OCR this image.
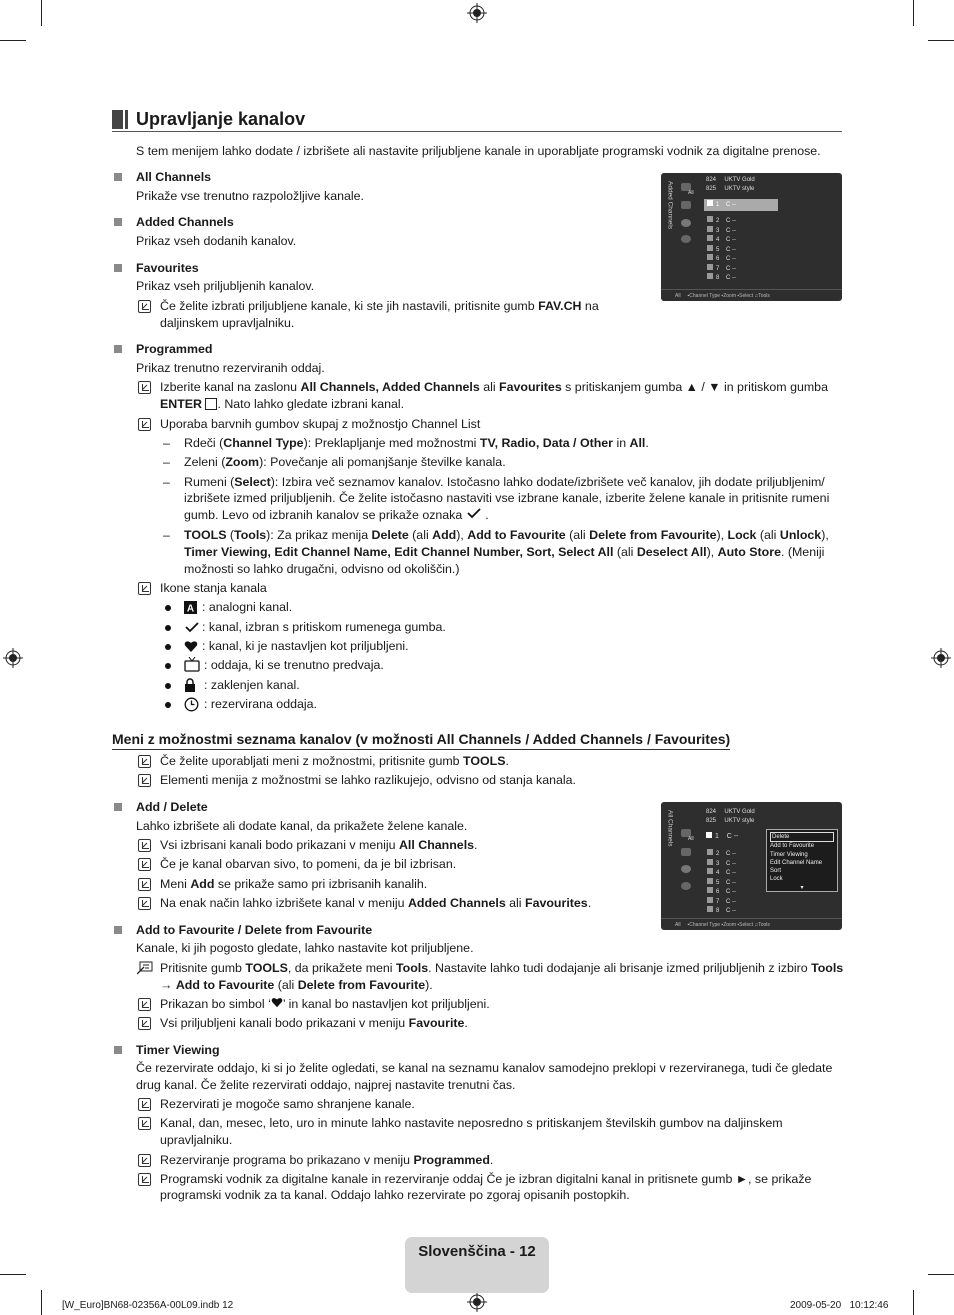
Upravljanje kanalov
S tem menijem lahko dodate / izbrišete ali nastavite priljubljene kanale in uporabljate programski vodnik za digitalne prenose.
All Channels
Prikaže vse trenutno razpoložljive kanale.
Added Channels
Prikaz vseh dodanih kanalov.
Favourites
Prikaz vseh priljubljenih kanalov.
Če želite izbrati priljubljene kanale, ki ste jih nastavili, pritisnite gumb FAV.CH na
daljinskem upravljalniku.
Added Channels	All
824 UKTV Gold
825 UKTV style
1 C --
2 C --
3 C --
4 C --
5 C --
6 C --
7 C --
8 C --
All     ▪Channel Type ▪Zoom ▪Select ♫Tools
Programmed
Prikaz trenutno rezerviranih oddaj.
Izberite kanal na zaslonu All Channels, Added Channels ali Favourites s pritiskanjem gumba ▲ / ▼ in pritiskom gumba
ENTER . Nato lahko gledate izbrani kanal.
Uporaba barvnih gumbov skupaj z možnostjo Channel List
– Rdeči (Channel Type): Preklapljanje med možnostmi TV, Radio, Data / Other in All.
– Zeleni (Zoom): Povečanje ali pomanjšanje številke kanala.
– Rumeni (Select): Izbira več seznamov kanalov. Istočasno lahko dodate/izbrišete več kanalov, jih dodate priljubljenim/
izbrišete izmed priljubljenih. Če želite istočasno nastaviti vse izbrane kanale, izberite želene kanale in pritisnite rumeni
gumb. Levo od izbranih kanalov se prikaže oznaka .
– TOOLS (Tools): Za prikaz menija Delete (ali Add), Add to Favourite (ali Delete from Favourite), Lock (ali Unlock),
Timer Viewing, Edit Channel Name, Edit Channel Number, Sort, Select All (ali Deselect All), Auto Store. (Meniji
možnosti so lahko drugačni, odvisno od okoliščin.)
Ikone stanja kanala
A : analogni kanal.
: kanal, izbran s pritiskom rumenega gumba.
: kanal, ki je nastavljen kot priljubljeni.
: oddaja, ki se trenutno predvaja.
: zaklenjen kanal.
: rezervirana oddaja.
Meni z možnostmi seznama kanalov (v možnosti All Channels / Added Channels / Favourites)
Če želite uporabljati meni z možnostmi, pritisnite gumb TOOLS.
Elementi menija z možnostmi se lahko razlikujejo, odvisno od stanja kanala.
Add / Delete
Lahko izbrišete ali dodate kanal, da prikažete želene kanale.
Vsi izbrisani kanali bodo prikazani v meniju All Channels.
Če je kanal obarvan sivo, to pomeni, da je bil izbrisan.
Meni Add se prikaže samo pri izbrisanih kanalih.
Na enak način lahko izbrišete kanal v meniju Added Channels ali Favourites.
All Channels	All
824 UKTV Gold
825 UKTV style
1 C --
2 C --
3 C --
4 C --
5 C --
6 C --
7 C --
8 C --
Delete
Add to Favourite
Timer Viewing
Edit Channel Name
Sort
Lock
▾
All     ▪Channel Type ▪Zoom ▪Select ♫Tools
Add to Favourite / Delete from Favourite
Kanale, ki jih pogosto gledate, lahko nastavite kot priljubljene.
Pritisnite gumb TOOLS, da prikažete meni Tools. Nastavite lahko tudi dodajanje ali brisanje izmed priljubljenih z izbiro Tools
→ Add to Favourite (ali Delete from Favourite).
Prikazan bo simbol ‘ ’ in kanal bo nastavljen kot priljubljeni.
Vsi priljubljeni kanali bodo prikazani v meniju Favourite.
Timer Viewing
Če rezervirate oddajo, ki si jo želite ogledati, se kanal na seznamu kanalov samodejno preklopi v rezerviranega, tudi če gledate
drug kanal. Če želite rezervirati oddajo, najprej nastavite trenutni čas.
Rezervirati je mogoče samo shranjene kanale.
Kanal, dan, mesec, leto, uro in minute lahko nastavite neposredno s pritiskanjem številskih gumbov na daljinskem
upravljalniku.
Rezerviranje programa bo prikazano v meniju Programmed.
Programski vodnik za digitalne kanale in rezerviranje oddaj Če je izbran digitalni kanal in pritisnete gumb ►, se prikaže
programski vodnik za ta kanal. Oddajo lahko rezervirate po zgoraj opisanih postopkih.
Slovenščina - 12
[W_Euro]BN68-02356A-00L09.indb 12	2009-05-20   10:12:46
